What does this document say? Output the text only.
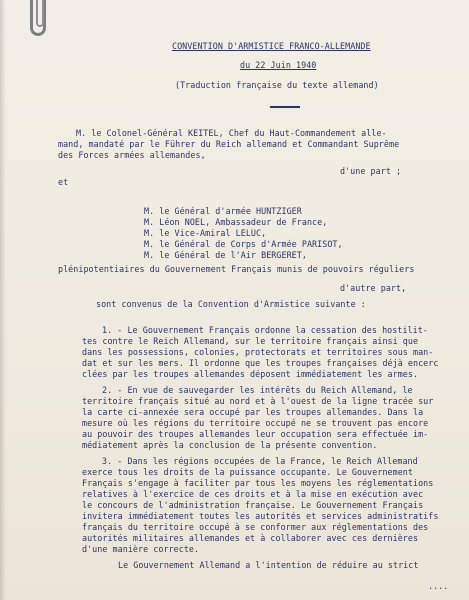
CONVENTION D'ARMISTICE FRANCO-ALLEMANDE
du 22 Juin 1940
(Traduction française du texte allemand)
M. le Colonel-Général KEITEL, Chef du Haut-Commandement alle-
mand, mandaté par le Führer du Reich allemand et Commandant Suprême
des Forces armées allemandes,
d'une part ;
et
M. le Général d'armée HUNTZIGER
M. Léon NOEL, Ambassadeur de France,
M. le Vice-Amiral LELUC,
M. le Général de Corps d'Armée PARISOT,
M. le Général de l'Air BERGERET,
plénipotentiaires du Gouvernement Français munis de pouvoirs réguliers
d'autre part,
sont convenus de la Convention d'Armistice suivante :
1. - Le Gouvernement Français ordonne la cessation des hostilit-
tes contre le Reich Allemand, sur le territoire français ainsi que
dans les possessions, colonies, protectorats et territoires sous man-
dat et sur les mers. Il ordonne que les troupes françaises déjà encerc
clées par les troupes allemandes déposent immédiatement les armes.
2. - En vue de sauvegarder les intérêts du Reich Allemand, le
territoire français situé au nord et à l'ouest de la ligne tracée sur
la carte ci-annexée sera occupé par les troupes allemandes. Dans la
mesure où les régions du territoire occupé ne se trouvent pas encore
au pouvoir des troupes allemandes leur occupation sera effectuée im-
médiatement après la conclusion de la présente convention.
3. - Dans les régions occupées de la France, le Reich Allemand
exerce tous les droits de la puissance occupante. Le Gouvernement
Français s'engage à faciliter par tous les moyens les réglementations
relatives à l'exercice de ces droits et à la mise en exécution avec
le concours de l'administration française. Le Gouvernement Français
invitera immédiatement toutes les autorités et services administratifs
français du territoire occupé à se conformer aux réglementations des
autorités militaires allemandes et à collaborer avec ces dernières
d'une manière correcte.
Le Gouvernement Allemand a l'intention de réduire au strict
....
